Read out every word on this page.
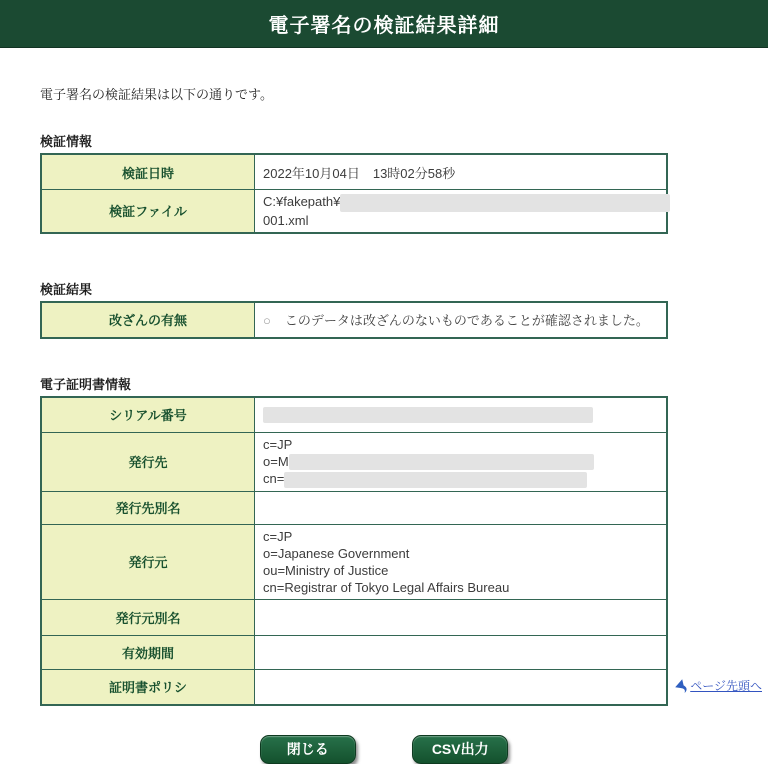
電子署名の検証結果詳細

電子署名の検証結果は以下の通りです。

検証情報
検証日時	2022年10月04日　13時02分58秒
検証ファイル	C:¥fakepath¥
001.xml
検証結果
改ざんの有無	○ このデータは改ざんのないものであることが確認されました。
電子証明書情報
シリアル番号	
発行先	c=JP
o=M
cn=

発行先別名	
発行元	c=JP
o=Japanese Government
ou=Ministry of Justice
cn=Registrar of Tokyo Legal Affairs Bureau

発行元別名	
有効期間	
証明書ポリシ	
閉じる	CSV出力
ページ先頭へ
